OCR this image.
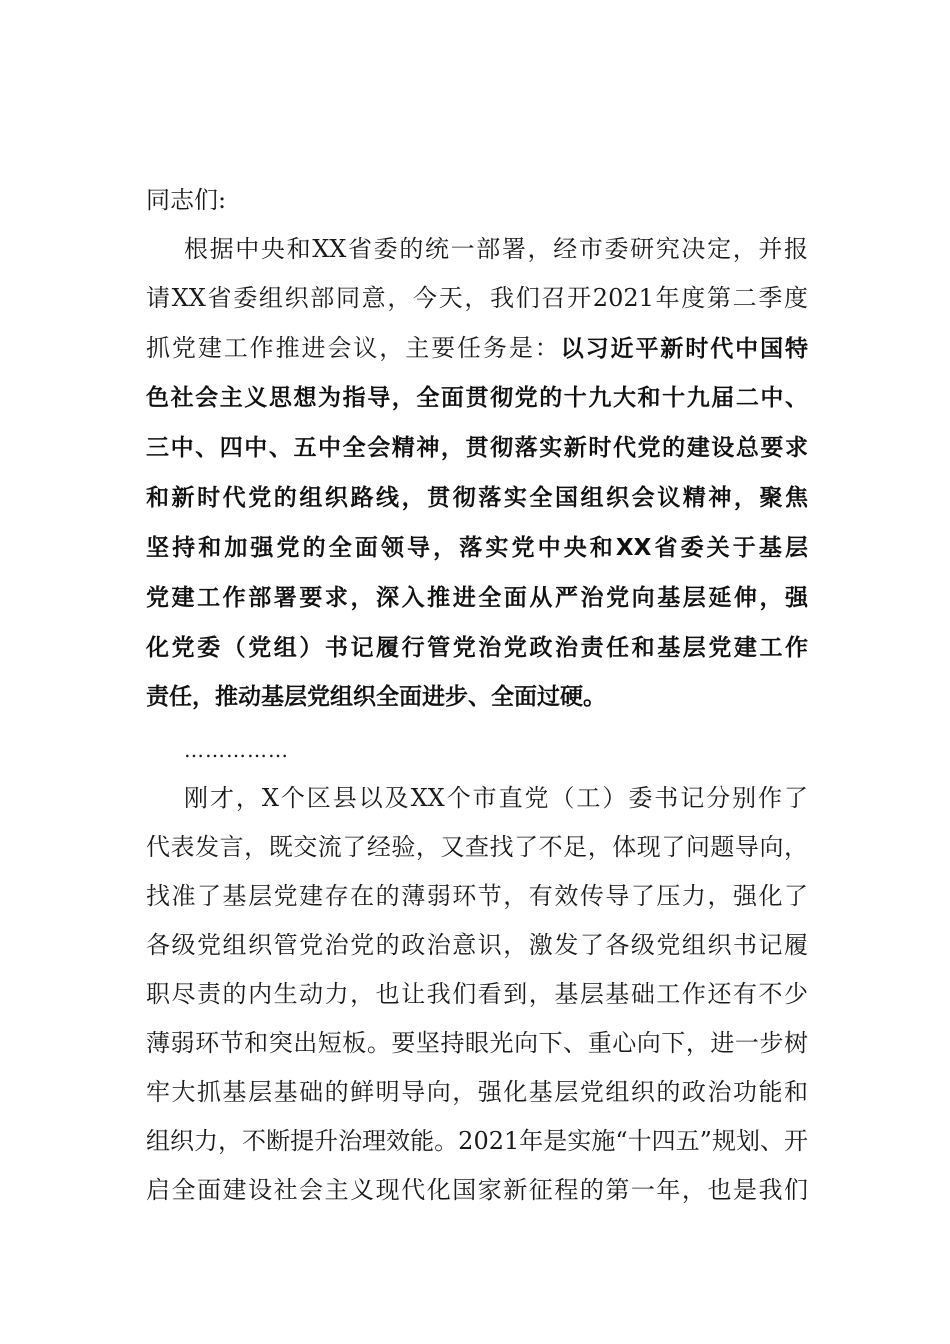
同志们:
根据中央和XX省委的统一部署，经市委研究决定，并报
请XX省委组织部同意，今天，我们召开2021年度第二季度
抓党建工作推进会议，主要任务是：以习近平新时代中国特
色社会主义思想为指导，全面贯彻党的十九大和十九届二中、
三中、四中、五中全会精神，贯彻落实新时代党的建设总要求
和新时代党的组织路线，贯彻落实全国组织会议精神，聚焦
坚持和加强党的全面领导，落实党中央和XX省委关于基层
党建工作部署要求，深入推进全面从严治党向基层延伸，强
化党委（党组）书记履行管党治党政治责任和基层党建工作
责任，推动基层党组织全面进步、全面过硬。
……………
刚才，X个区县以及XX个市直党（工）委书记分别作了
代表发言，既交流了经验，又查找了不足，体现了问题导向，
找准了基层党建存在的薄弱环节，有效传导了压力，强化了
各级党组织管党治党的政治意识，激发了各级党组织书记履
职尽责的内生动力，也让我们看到，基层基础工作还有不少
薄弱环节和突出短板。要坚持眼光向下、重心向下，进一步树
牢大抓基层基础的鲜明导向，强化基层党组织的政治功能和
组织力，不断提升治理效能。2021年是实施“十四五”规划、开
启全面建设社会主义现代化国家新征程的第一年，也是我们
